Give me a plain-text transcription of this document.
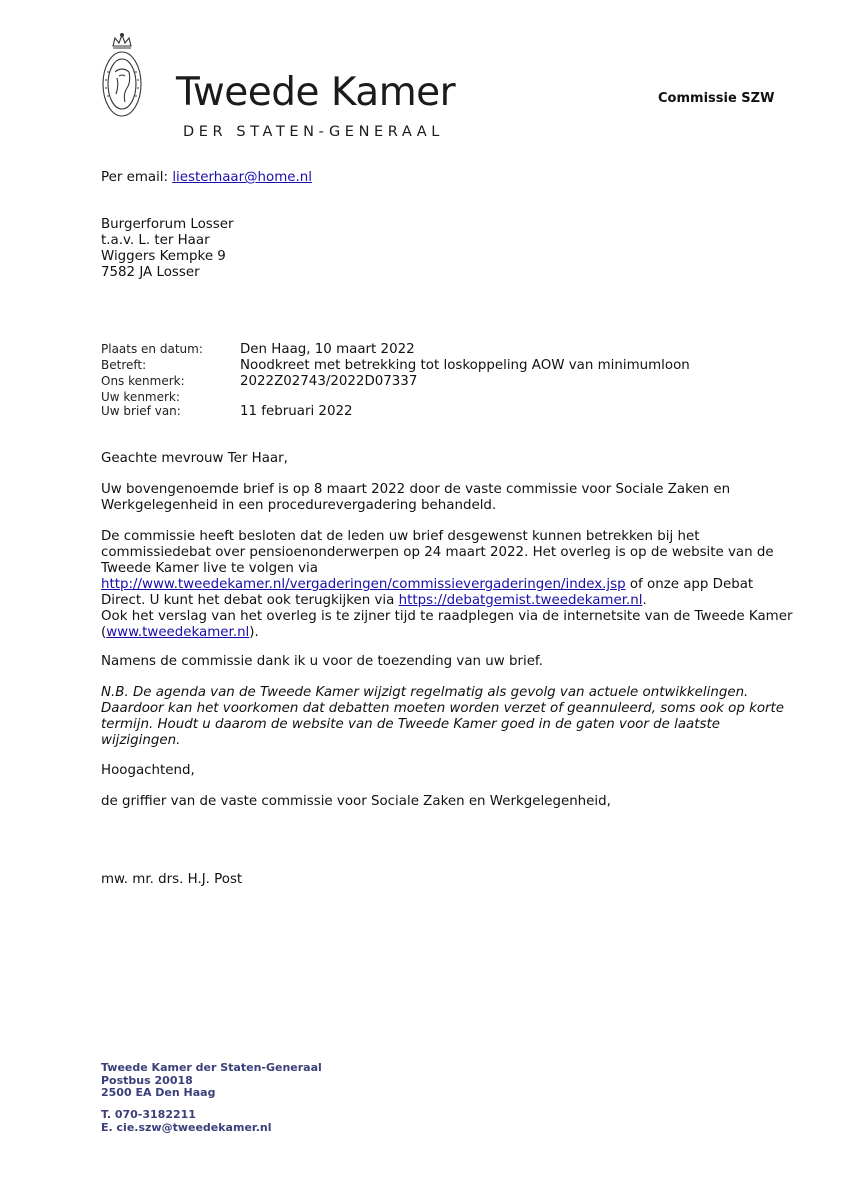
Tweede Kamer
DER STATEN-GENERAAL
Commissie SZW
Per email: liesterhaar@home.nl
Burgerforum Losser
t.a.v. L. ter Haar
Wiggers Kempke 9
7582 JA Losser
Plaats en datum:	Den Haag, 10 maart 2022
Betreft:	Noodkreet met betrekking tot loskoppeling AOW van minimumloon
Ons kenmerk:	2022Z02743/2022D07337
Uw kenmerk:
Uw brief van:	11 februari 2022
Geachte mevrouw Ter Haar,
Uw bovengenoemde brief is op 8 maart 2022 door de vaste commissie voor Sociale Zaken en
Werkgelegenheid in een procedurevergadering behandeld.
De commissie heeft besloten dat de leden uw brief desgewenst kunnen betrekken bij het
commissiedebat over pensioenonderwerpen op 24 maart 2022. Het overleg is op de website van de
Tweede Kamer live te volgen via
http://www.tweedekamer.nl/vergaderingen/commissievergaderingen/index.jsp of onze app Debat
Direct. U kunt het debat ook terugkijken via https://debatgemist.tweedekamer.nl.
Ook het verslag van het overleg is te zijner tijd te raadplegen via de internetsite van de Tweede Kamer
(www.tweedekamer.nl).
Namens de commissie dank ik u voor de toezending van uw brief.
N.B. De agenda van de Tweede Kamer wijzigt regelmatig als gevolg van actuele ontwikkelingen.
Daardoor kan het voorkomen dat debatten moeten worden verzet of geannuleerd, soms ook op korte
termijn. Houdt u daarom de website van de Tweede Kamer goed in de gaten voor de laatste
wijzigingen.
Hoogachtend,
de griffier van de vaste commissie voor Sociale Zaken en Werkgelegenheid,
mw. mr. drs. H.J. Post
Tweede Kamer der Staten-Generaal
Postbus 20018
2500 EA Den Haag
T. 070-3182211
E. cie.szw@tweedekamer.nl
